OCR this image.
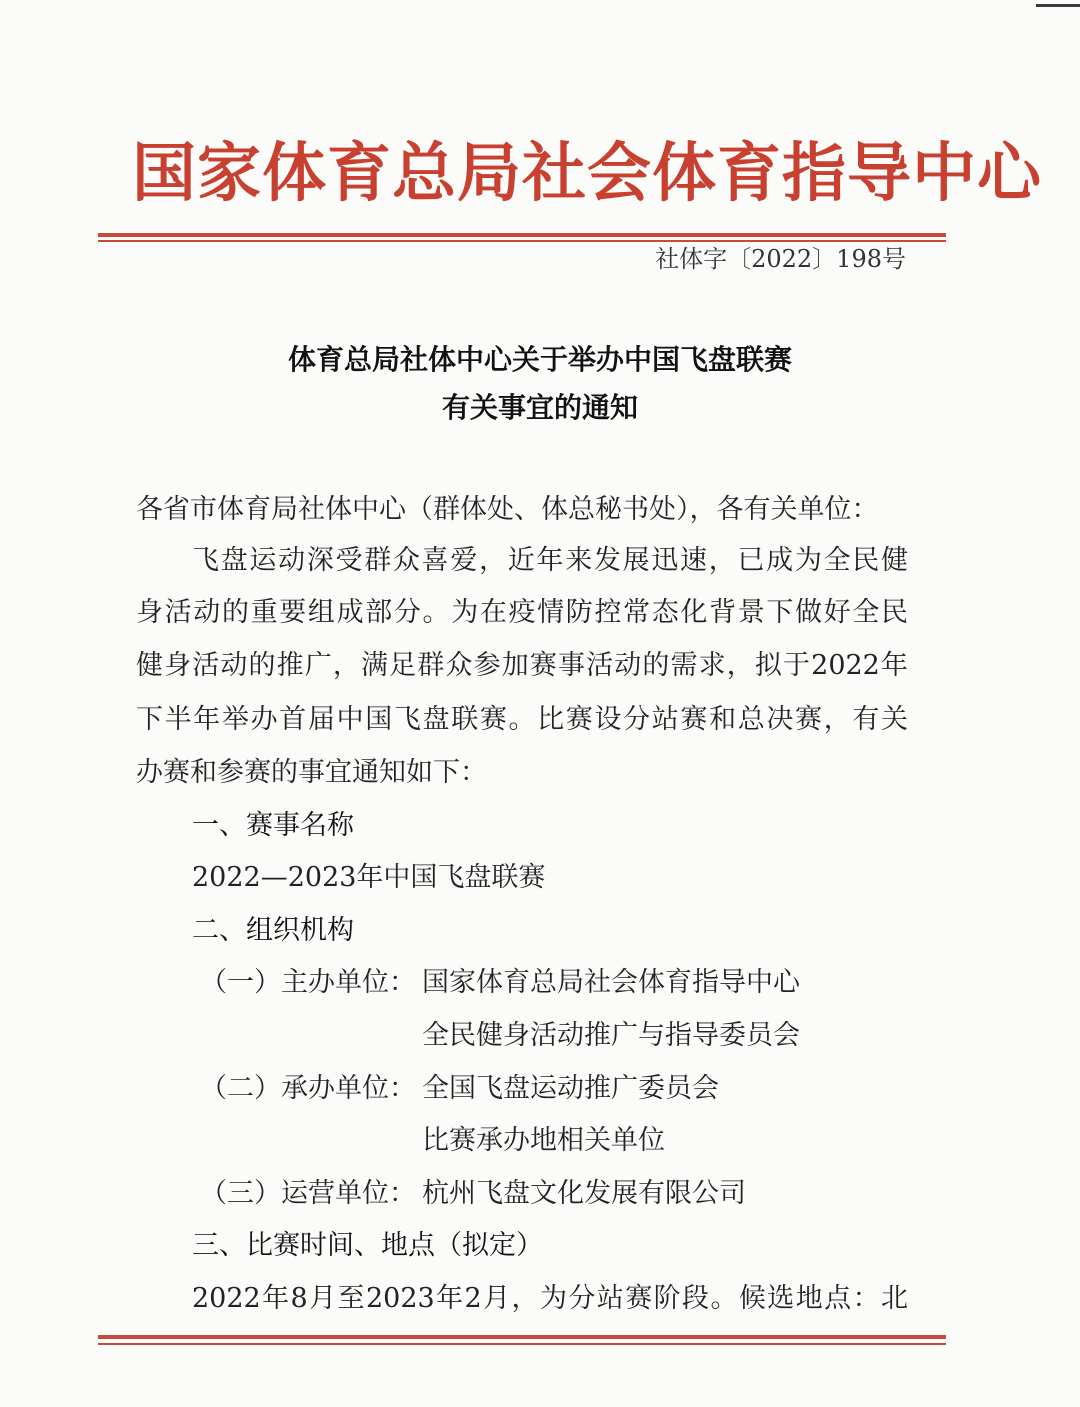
国家体育总局社会体育指导中心
社体字〔2022〕198号
体育总局社体中心关于举办中国飞盘联赛
有关事宜的通知
各省市体育局社体中心（群体处、体总秘书处），各有关单位：
飞盘运动深受群众喜爱，近年来发展迅速，已成为全民健
身活动的重要组成部分。为在疫情防控常态化背景下做好全民
健身活动的推广，满足群众参加赛事活动的需求，拟于2022年
下半年举办首届中国飞盘联赛。比赛设分站赛和总决赛，有关
办赛和参赛的事宜通知如下：
一、赛事名称
2022—2023年中国飞盘联赛
二、组织机构
（一）主办单位： 国家体育总局社会体育指导中心
全民健身活动推广与指导委员会
（二）承办单位： 全国飞盘运动推广委员会
比赛承办地相关单位
（三）运营单位： 杭州飞盘文化发展有限公司
三、比赛时间、地点（拟定）
2022年8月至2023年2月，为分站赛阶段。候选地点：北
